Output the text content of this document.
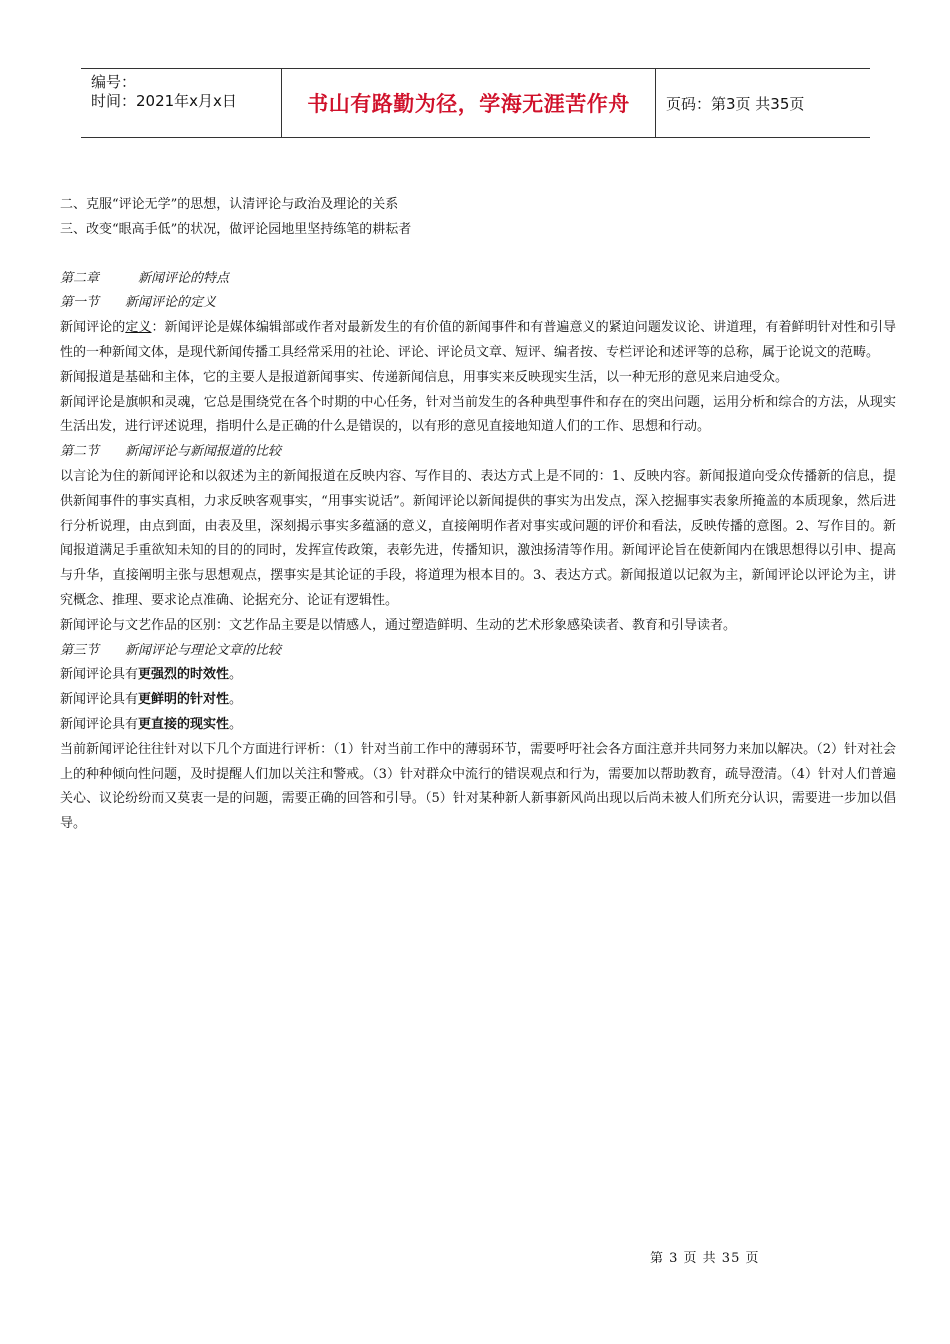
编号：
时间：2021年x月x日	书山有路勤为径，学海无涯苦作舟	页码：第3页 共35页

二、克服“评论无学”的思想，认清评论与政治及理论的关系

三、改变“眼高手低”的状况，做评论园地里坚持练笔的耕耘者

第二章　　　新闻评论的特点

第一节　　新闻评论的定义

新闻评论的定义：新闻评论是媒体编辑部或作者对最新发生的有价值的新闻事件和有普遍意义的紧迫问题发议论、讲道理，有着鲜明针对性和引导性的一种新闻文体，是现代新闻传播工具经常采用的社论、评论、评论员文章、短评、编者按、专栏评论和述评等的总称，属于论说文的范畴。

新闻报道是基础和主体，它的主要人是报道新闻事实、传递新闻信息，用事实来反映现实生活，以一种无形的意见来启迪受众。

新闻评论是旗帜和灵魂，它总是围绕党在各个时期的中心任务，针对当前发生的各种典型事件和存在的突出问题，运用分析和综合的方法，从现实生活出发，进行评述说理，指明什么是正确的什么是错误的，以有形的意见直接地知道人们的工作、思想和行动。

第二节　　新闻评论与新闻报道的比较

以言论为住的新闻评论和以叙述为主的新闻报道在反映内容、写作目的、表达方式上是不同的：1、反映内容。新闻报道向受众传播新的信息，提供新闻事件的事实真相，力求反映客观事实，“用事实说话”。新闻评论以新闻提供的事实为出发点，深入挖掘事实表象所掩盖的本质现象，然后进行分析说理，由点到面，由表及里，深刻揭示事实多蕴涵的意义，直接阐明作者对事实或问题的评价和看法，反映传播的意图。2、写作目的。新闻报道满足手重欲知未知的目的的同时，发挥宣传政策，表彰先进，传播知识，激浊扬清等作用。新闻评论旨在使新闻内在饿思想得以引申、提高与升华，直接阐明主张与思想观点，摆事实是其论证的手段，将道理为根本目的。3、表达方式。新闻报道以记叙为主，新闻评论以评论为主，讲究概念、推理、要求论点准确、论据充分、论证有逻辑性。

新闻评论与文艺作品的区别：文艺作品主要是以情感人，通过塑造鲜明、生动的艺术形象感染读者、教育和引导读者。

第三节　　新闻评论与理论文章的比较

新闻评论具有更强烈的时效性。

新闻评论具有更鲜明的针对性。

新闻评论具有更直接的现实性。

当前新闻评论往往针对以下几个方面进行评析：（1）针对当前工作中的薄弱环节，需要呼吁社会各方面注意并共同努力来加以解决。（2）针对社会上的种种倾向性问题，及时提醒人们加以关注和警戒。（3）针对群众中流行的错误观点和行为，需要加以帮助教育，疏导澄清。（4）针对人们普遍关心、议论纷纷而又莫衷一是的问题，需要正确的回答和引导。（5）针对某种新人新事新风尚出现以后尚未被人们所充分认识，需要进一步加以倡导。

第 3 页 共 35 页
